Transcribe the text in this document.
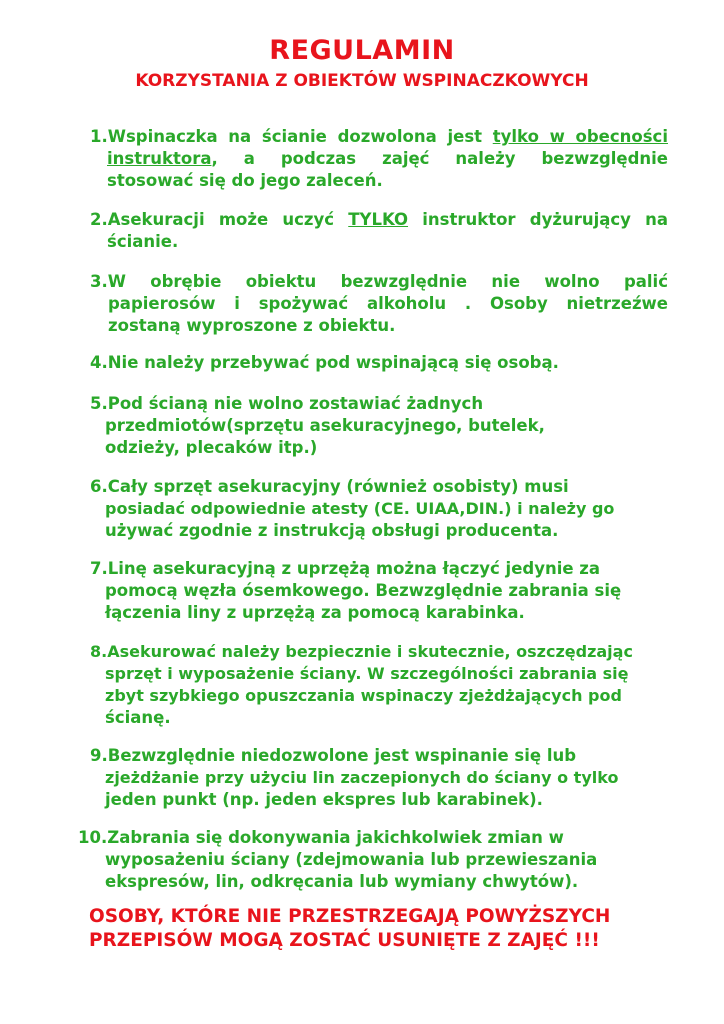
REGULAMIN
KORZYSTANIA Z OBIEKTÓW WSPINACZKOWYCH
1.Wspinaczka na ścianie dozwolona jest tylko w obecności
instruktora, a podczas zajęć należy bezwzględnie
stosować się do jego zaleceń.
2.Asekuracji może uczyć TYLKO instruktor dyżurujący na
ścianie.
3.W obrębie obiektu bezwzględnie nie wolno palić
papierosów i spożywać alkoholu . Osoby nietrzeźwe
zostaną wyproszone z obiektu.
4.Nie należy przebywać pod wspinającą się osobą.
5.Pod ścianą nie wolno zostawiać żadnych
przedmiotów(sprzętu asekuracyjnego, butelek,
odzieży, plecaków itp.)
6.Cały sprzęt asekuracyjny (również osobisty) musi
posiadać odpowiednie atesty (CE. UIAA,DIN.) i należy go
używać zgodnie z instrukcją obsługi producenta.
7.Linę asekuracyjną z uprzężą można łączyć jedynie za
pomocą węzła ósemkowego. Bezwzględnie zabrania się
łączenia liny z uprzężą za pomocą karabinka.
8.Asekurować należy bezpiecznie i skutecznie, oszczędzając
sprzęt i wyposażenie ściany. W szczególności zabrania się
zbyt szybkiego opuszczania wspinaczy zjeżdżających pod
ścianę.
9.Bezwzględnie niedozwolone jest wspinanie się lub
zjeżdżanie przy użyciu lin zaczepionych do ściany o tylko
jeden punkt (np. jeden ekspres lub karabinek).
10.Zabrania się dokonywania jakichkolwiek zmian w
wyposażeniu ściany (zdejmowania lub przewieszania
ekspresów, lin, odkręcania lub wymiany chwytów).
OSOBY, KTÓRE NIE PRZESTRZEGAJĄ POWYŻSZYCH
PRZEPISÓW MOGĄ ZOSTAĆ USUNIĘTE Z ZAJĘĆ !!!
